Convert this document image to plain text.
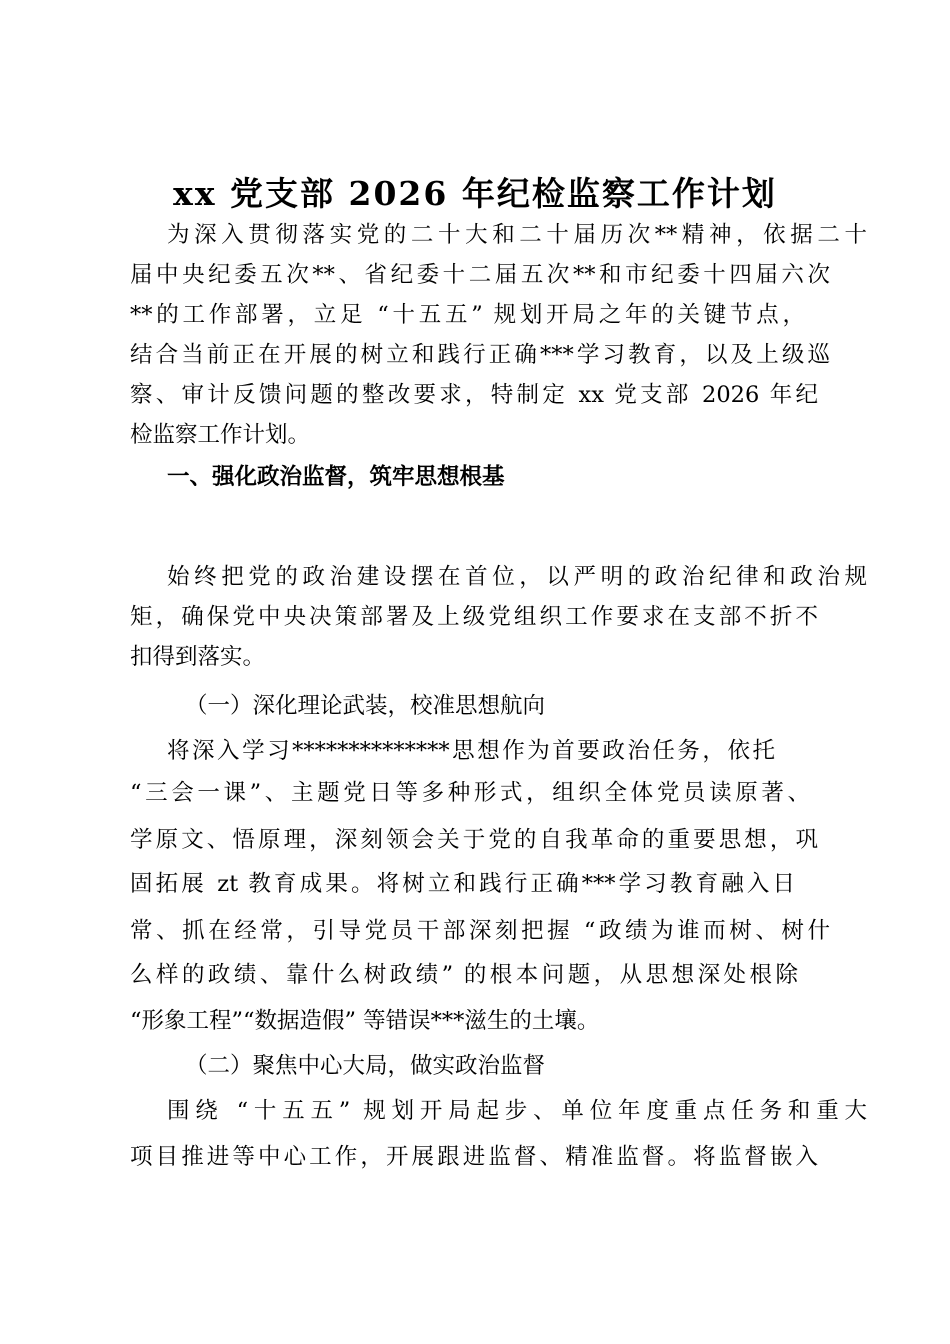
xx 党支部 2026 年纪检监察工作计划

为深入贯彻落实党的二十大和二十届历次**精神，依据二十

届中央纪委五次**、省纪委十二届五次**和市纪委十四届六次

**的工作部署，立足 “十五五” 规划开局之年的关键节点，

结合当前正在开展的树立和践行正确***学习教育，以及上级巡

察、审计反馈问题的整改要求，特制定 xx 党支部 2026 年纪

检监察工作计划。

一、强化政治监督，筑牢思想根基

始终把党的政治建设摆在首位，以严明的政治纪律和政治规

矩，确保党中央决策部署及上级党组织工作要求在支部不折不

扣得到落实。

（一）深化理论武装，校准思想航向

将深入学习**************思想作为首要政治任务，依托

“三会一课”、主题党日等多种形式，组织全体党员读原著、

学原文、悟原理，深刻领会关于党的自我革命的重要思想，巩

固拓展 zt 教育成果。将树立和践行正确***学习教育融入日

常、抓在经常，引导党员干部深刻把握 “政绩为谁而树、树什

么样的政绩、靠什么树政绩” 的根本问题，从思想深处根除

“形象工程”“数据造假” 等错误***滋生的土壤。

（二）聚焦中心大局，做实政治监督

围绕 “十五五” 规划开局起步、单位年度重点任务和重大

项目推进等中心工作，开展跟进监督、精准监督。将监督嵌入
